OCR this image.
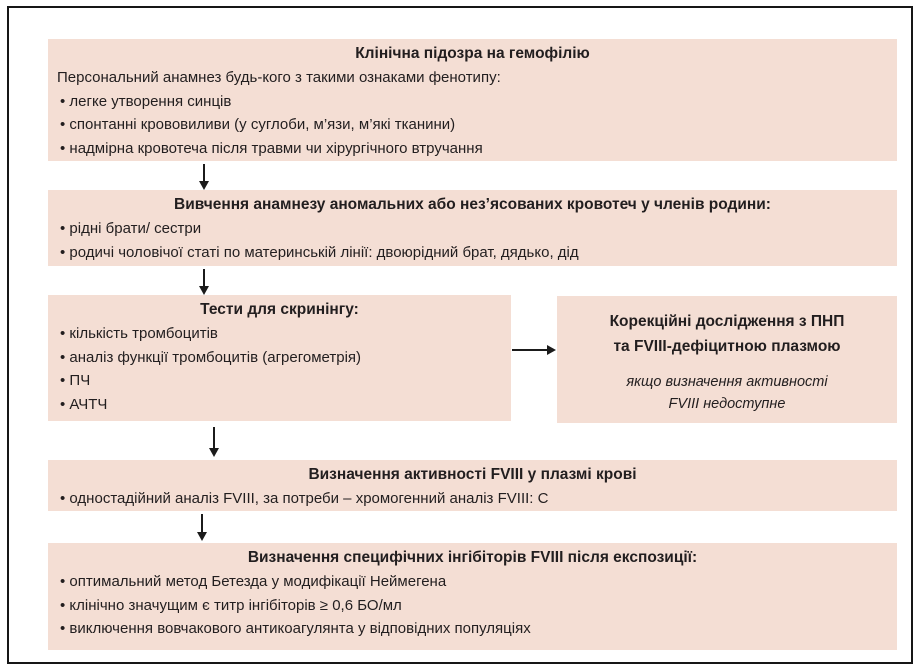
Клінічна підозра на гемофілію
Персональний анамнез будь-кого з такими ознаками фенотипу:
• легке утворення синців
• спонтанні крововиливи (у суглоби, м’язи, м’які тканини)
• надмірна кровотеча після травми чи хірургічного втручання
Вивчення анамнезу аномальних або нез’ясованих кровотеч у членів родини:
• рідні брати/ сестри
• родичі чоловічої статі по материнській лінії: двоюрідний брат, дядько, дід
Тести для скринінгу:
• кількість тромбоцитів
• аналіз функції тромбоцитів (агрегометрія)
• ПЧ
• АЧТЧ
Корекційні дослідження з ПНП
та FVIII-дефіцитною плазмою
якщо визначення активності
FVIII недоступне
Визначення активності FVIII у плазмі крові
• одностадійний аналіз FVIII, за потреби – хромогенний аналіз FVIII: С
Визначення специфічних інгібіторів FVIII після експозиції:
• оптимальний метод Бетезда у модифікації Неймегена
• клінічно значущим є титр інгібіторів ≥ 0,6 БО/мл
• виключення вовчакового антикоагулянта у відповідних популяціях
